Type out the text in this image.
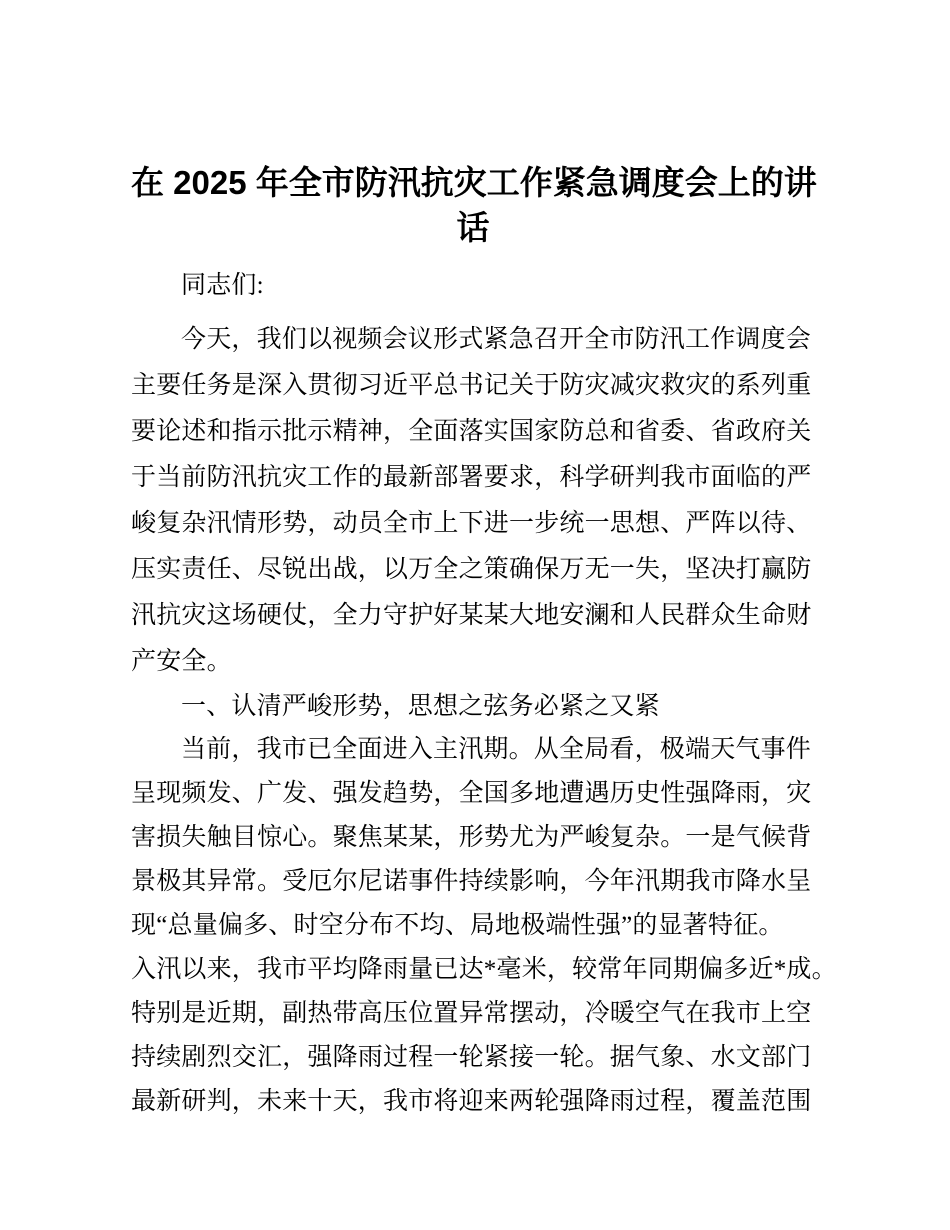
在 2025 年全市防汛抗灾工作紧急调度会上的讲
话
同志们:
今天，我们以视频会议形式紧急召开全市防汛工作调度会
主要任务是深入贯彻习近平总书记关于防灾减灾救灾的系列重
要论述和指示批示精神，全面落实国家防总和省委、省政府关
于当前防汛抗灾工作的最新部署要求，科学研判我市面临的严
峻复杂汛情形势，动员全市上下进一步统一思想、严阵以待、
压实责任、尽锐出战，以万全之策确保万无一失，坚决打赢防
汛抗灾这场硬仗，全力守护好某某大地安澜和人民群众生命财
产安全。
一、认清严峻形势，思想之弦务必紧之又紧
当前，我市已全面进入主汛期。从全局看，极端天气事件
呈现频发、广发、强发趋势，全国多地遭遇历史性强降雨，灾
害损失触目惊心。聚焦某某，形势尤为严峻复杂。一是气候背
景极其异常。受厄尔尼诺事件持续影响，今年汛期我市降水呈
现“总量偏多、时空分布不均、局地极端性强”的显著特征。
入汛以来，我市平均降雨量已达*毫米，较常年同期偏多近*成。
特别是近期，副热带高压位置异常摆动，冷暖空气在我市上空
持续剧烈交汇，强降雨过程一轮紧接一轮。据气象、水文部门
最新研判，未来十天，我市将迎来两轮强降雨过程，覆盖范围
